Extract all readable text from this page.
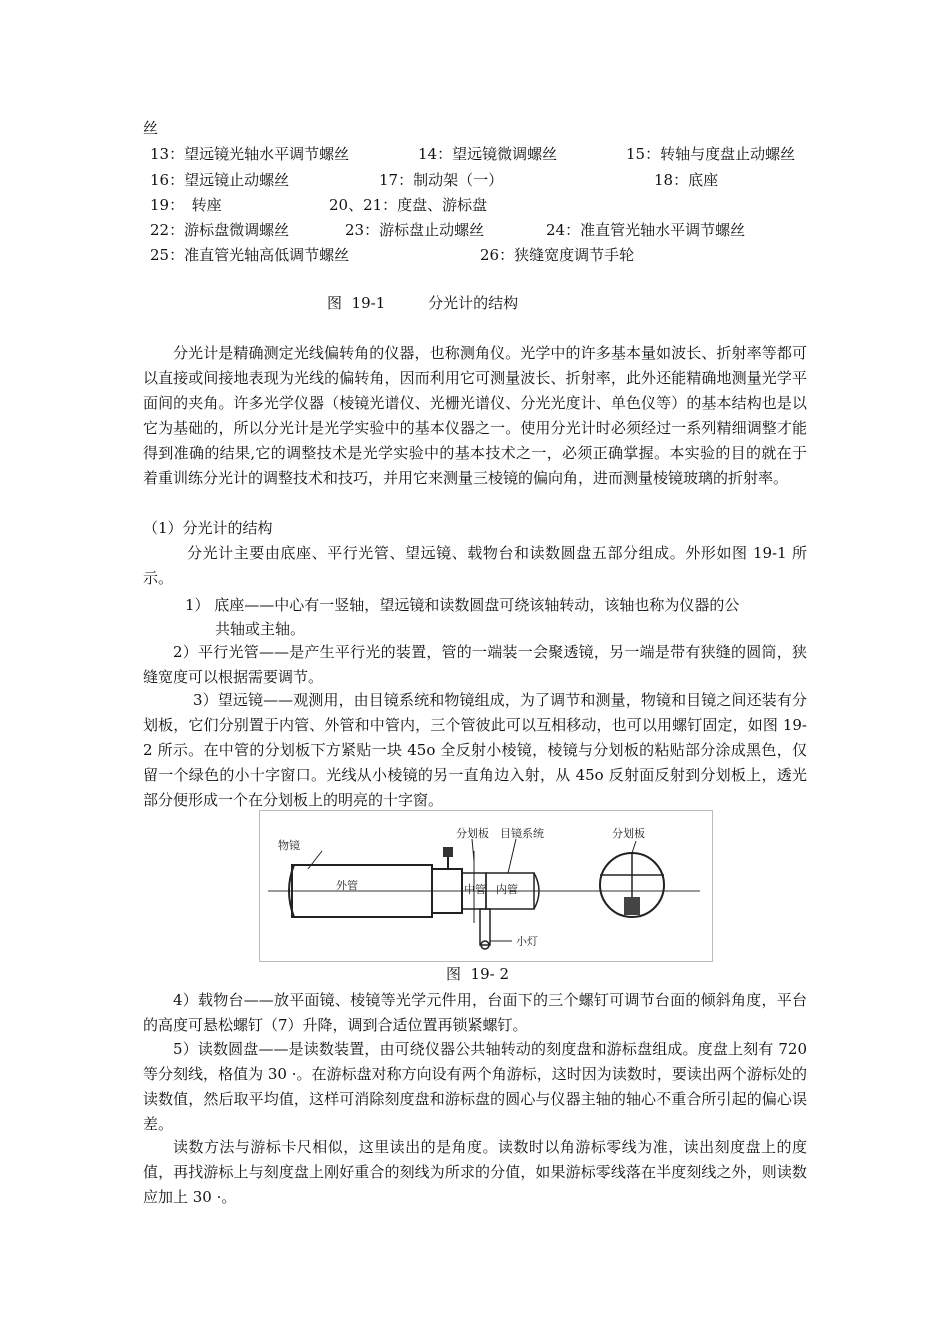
丝
13：望远镜光轴水平调节螺丝	14：望远镜微调螺丝	15：转轴与度盘止动螺丝
16：望远镜止动螺丝	17：制动架（一）	18：底座
19：　转座	20、21：度盘、游标盘
22：游标盘微调螺丝	23：游标盘止动螺丝	24：准直管光轴水平调节螺丝
25：准直管光轴高低调节螺丝	26：狭缝宽度调节手轮
图  19-1         分光计的结构
分光计是精确测定光线偏转角的仪器，也称测角仪。光学中的许多基本量如波长、折射率等都可以直接或间接地表现为光线的偏转角，因而利用它可测量波长、折射率，此外还能精确地测量光学平面间的夹角。许多光学仪器（棱镜光谱仪、光栅光谱仪、分光光度计、单色仪等）的基本结构也是以它为基础的，所以分光计是光学实验中的基本仪器之一。使用分光计时必须经过一系列精细调整才能得到准确的结果,它的调整技术是光学实验中的基本技术之一，必须正确掌握。本实验的目的就在于着重训练分光计的调整技术和技巧，并用它来测量三棱镜的偏向角，进而测量棱镜玻璃的折射率。
（1）分光计的结构
分光计主要由底座、平行光管、望远镜、载物台和读数圆盘五部分组成。外形如图 19-1 所示。
1） 底座——中心有一竖轴，望远镜和读数圆盘可绕该轴转动，该轴也称为仪器的公
共轴或主轴。
2）平行光管——是产生平行光的装置，管的一端装一会聚透镜，另一端是带有狭缝的圆筒，狭缝宽度可以根据需要调节。
3）望远镜——观测用，由目镜系统和物镜组成，为了调节和测量，物镜和目镜之间还装有分划板，它们分别置于内管、外管和中管内，三个管彼此可以互相移动，也可以用螺钉固定，如图 19-2 所示。在中管的分划板下方紧贴一块 45o 全反射小棱镜，棱镜与分划板的粘贴部分涂成黑色，仅留一个绿色的小十字窗口。光线从小棱镜的另一直角边入射，从 45o 反射面反射到分划板上，透光部分便形成一个在分划板上的明亮的十字窗。
物镜
外管
分划板 目镜系统
中管 内管
小灯
分划板
图  19- 2
4）载物台——放平面镜、棱镜等光学元件用，台面下的三个螺钉可调节台面的倾斜角度，平台的高度可悬松螺钉（7）升降，调到合适位置再锁紧螺钉。
5）读数圆盘——是读数装置，由可绕仪器公共轴转动的刻度盘和游标盘组成。度盘上刻有 720 等分刻线，格值为 30 ·。在游标盘对称方向设有两个角游标，这时因为读数时，要读出两个游标处的读数值，然后取平均值，这样可消除刻度盘和游标盘的圆心与仪器主轴的轴心不重合所引起的偏心误差。
读数方法与游标卡尺相似，这里读出的是角度。读数时以角游标零线为准，读出刻度盘上的度值，再找游标上与刻度盘上刚好重合的刻线为所求的分值，如果游标零线落在半度刻线之外，则读数应加上 30 ·。
